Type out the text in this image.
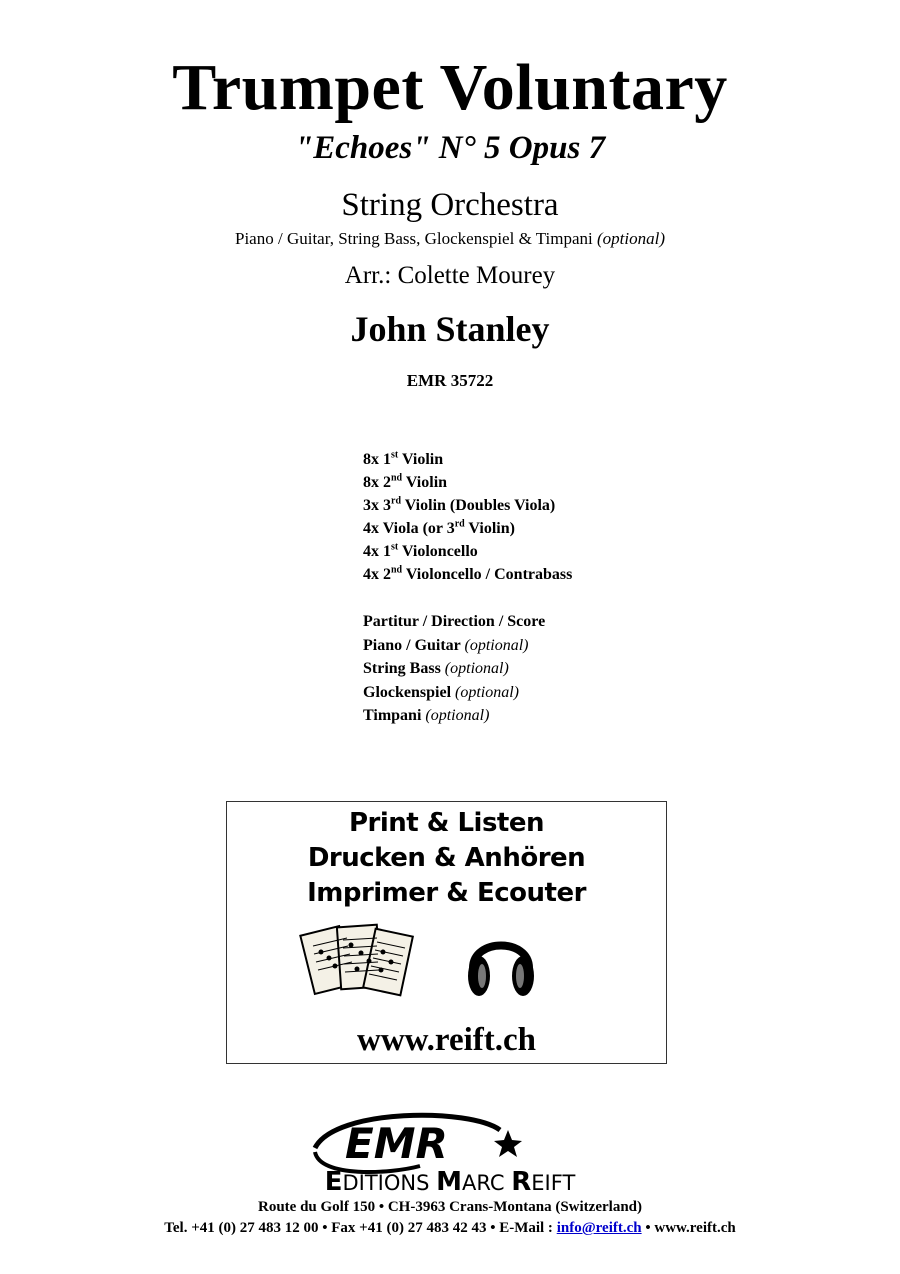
Trumpet Voluntary
"Echoes" N° 5 Opus 7
String Orchestra
Piano / Guitar, String Bass, Glockenspiel & Timpani (optional)
Arr.: Colette Mourey
John Stanley
EMR 35722
8x 1st Violin
8x 2nd Violin
3x 3rd Violin (Doubles Viola)
4x Viola (or 3rd Violin)
4x 1st Violoncello
4x 2nd Violoncello / Contrabass
Partitur / Direction / Score
Piano / Guitar (optional)
String Bass (optional)
Glockenspiel (optional)
Timpani (optional)
Print & Listen
Drucken & Anhören
Imprimer & Ecouter
www.reift.ch
EMR
EDITIONS MARC REIFT
Route du Golf 150 • CH-3963 Crans-Montana (Switzerland)
Tel. +41 (0) 27 483 12 00 • Fax +41 (0) 27 483 42 43 • E-Mail : info@reift.ch • www.reift.ch
